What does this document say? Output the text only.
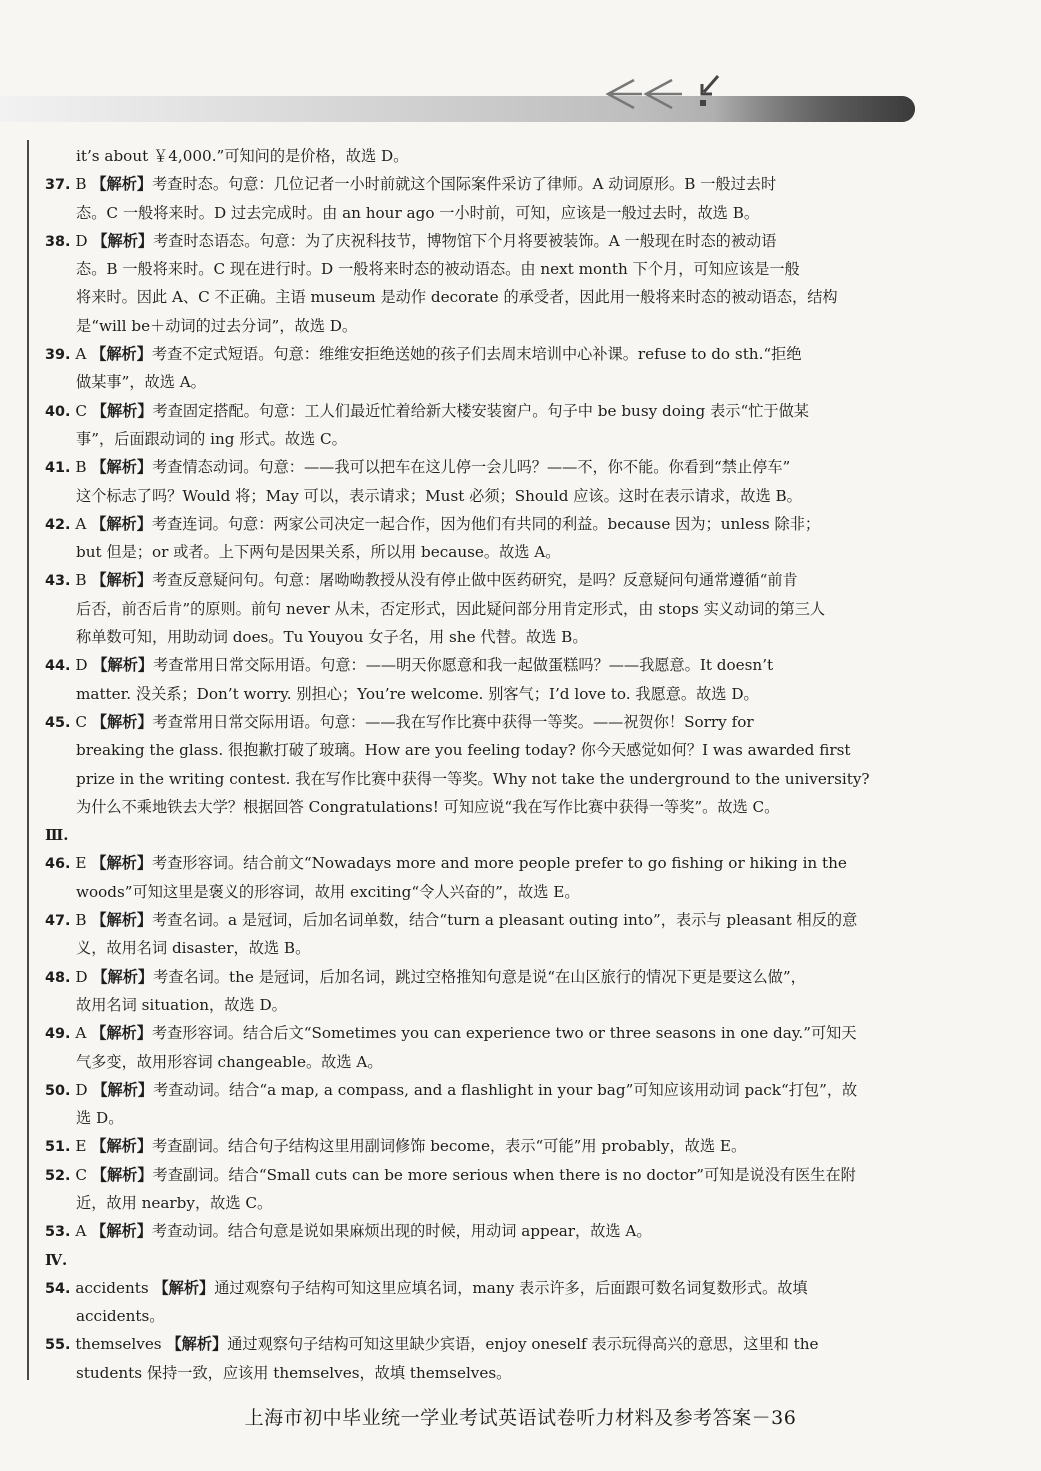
it’s about ￥4,000.”可知问的是价格，故选 D。
37. B 【解析】考查时态。句意：几位记者一小时前就这个国际案件采访了律师。A 动词原形。B 一般过去时
态。C 一般将来时。D 过去完成时。由 an hour ago 一小时前，可知，应该是一般过去时，故选 B。
38. D 【解析】考查时态语态。句意：为了庆祝科技节，博物馆下个月将要被装饰。A 一般现在时态的被动语
态。B 一般将来时。C 现在进行时。D 一般将来时态的被动语态。由 next month 下个月，可知应该是一般
将来时。因此 A、C 不正确。主语 museum 是动作 decorate 的承受者，因此用一般将来时态的被动语态，结构
是“will be＋动词的过去分词”，故选 D。
39. A 【解析】考查不定式短语。句意：维维安拒绝送她的孩子们去周末培训中心补课。refuse to do sth.“拒绝
做某事”，故选 A。
40. C 【解析】考查固定搭配。句意：工人们最近忙着给新大楼安装窗户。句子中 be busy doing 表示“忙于做某
事”，后面跟动词的 ing 形式。故选 C。
41. B 【解析】考查情态动词。句意：——我可以把车在这儿停一会儿吗？——不，你不能。你看到“禁止停车”
这个标志了吗？Would 将；May 可以，表示请求；Must 必须；Should 应该。这时在表示请求，故选 B。
42. A 【解析】考查连词。句意：两家公司决定一起合作，因为他们有共同的利益。because 因为；unless 除非；
but 但是；or 或者。上下两句是因果关系，所以用 because。故选 A。
43. B 【解析】考查反意疑问句。句意：屠呦呦教授从没有停止做中医药研究，是吗？反意疑问句通常遵循“前肯
后否，前否后肯”的原则。前句 never 从未，否定形式，因此疑问部分用肯定形式，由 stops 实义动词的第三人
称单数可知，用助动词 does。Tu Youyou 女子名，用 she 代替。故选 B。
44. D 【解析】考查常用日常交际用语。句意：——明天你愿意和我一起做蛋糕吗？——我愿意。It doesn’t
matter. 没关系；Don’t worry. 别担心；You’re welcome. 别客气；I’d love to. 我愿意。故选 D。
45. C 【解析】考查常用日常交际用语。句意：——我在写作比赛中获得一等奖。——祝贺你！Sorry for
breaking the glass. 很抱歉打破了玻璃。How are you feeling today? 你今天感觉如何？I was awarded first
prize in the writing contest. 我在写作比赛中获得一等奖。Why not take the underground to the university?
为什么不乘地铁去大学？根据回答 Congratulations! 可知应说“我在写作比赛中获得一等奖”。故选 C。
Ⅲ.
46. E 【解析】考查形容词。结合前文“Nowadays more and more people prefer to go fishing or hiking in the
woods”可知这里是褒义的形容词，故用 exciting“令人兴奋的”，故选 E。
47. B 【解析】考查名词。a 是冠词，后加名词单数，结合“turn a pleasant outing into”，表示与 pleasant 相反的意
义，故用名词 disaster，故选 B。
48. D 【解析】考查名词。the 是冠词，后加名词，跳过空格推知句意是说“在山区旅行的情况下更是要这么做”，
故用名词 situation，故选 D。
49. A 【解析】考查形容词。结合后文“Sometimes you can experience two or three seasons in one day.”可知天
气多变，故用形容词 changeable。故选 A。
50. D 【解析】考查动词。结合“a map, a compass, and a flashlight in your bag”可知应该用动词 pack“打包”，故
选 D。
51. E 【解析】考查副词。结合句子结构这里用副词修饰 become，表示“可能”用 probably，故选 E。
52. C 【解析】考查副词。结合“Small cuts can be more serious when there is no doctor”可知是说没有医生在附
近，故用 nearby，故选 C。
53. A 【解析】考查动词。结合句意是说如果麻烦出现的时候，用动词 appear，故选 A。
Ⅳ.
54. accidents 【解析】通过观察句子结构可知这里应填名词，many 表示许多，后面跟可数名词复数形式。故填
accidents。
55. themselves 【解析】通过观察句子结构可知这里缺少宾语，enjoy oneself 表示玩得高兴的意思，这里和 the
students 保持一致，应该用 themselves，故填 themselves。
上海市初中毕业统一学业考试英语试卷听力材料及参考答案－36
